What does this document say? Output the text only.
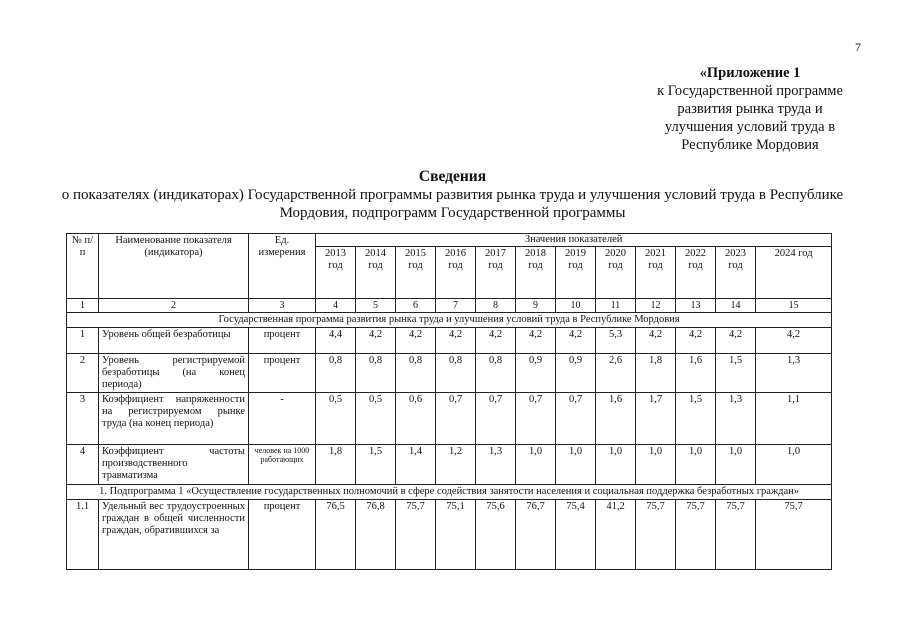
7
«Приложение 1
к Государственной программе
развития рынка труда и
улучшения условий труда в
Республике Мордовия
Сведения
о показателях (индикаторах) Государственной программы развития рынка труда и улучшения условий труда в Республике
Мордовия, подпрограмм Государственной программы
№ п/п	Наименование показателя (индикатора)	Ед. измерения	Значения показателей											
			2013 год	2014 год	2015 год	2016 год	2017 год	2018 год	2019 год	2020 год	2021 год	2022 год	2023 год	2024 год
1	2	3	4	5	6	7	8	9	10	11	12	13	14	15
Государственная программа развития рынка труда и улучшения условий труда в Республике Мордовия														
1	Уровень общей безработицы	процент	4,4	4,2	4,2	4,2	4,2	4,2	4,2	5,3	4,2	4,2	4,2	4,2
2	Уровень регистрируемой безработицы (на конец периода)	процент	0,8	0,8	0,8	0,8	0,8	0,9	0,9	2,6	1,8	1,6	1,5	1,3
3	Коэффициент напряженности на регистрируемом рынке труда (на конец периода)	-	0,5	0,5	0,6	0,7	0,7	0,7	0,7	1,6	1,7	1,5	1,3	1,1
4	Коэффициент частоты производственного травматизма	человек на 1000 работающих	1,8	1,5	1,4	1,2	1,3	1,0	1,0	1,0	1,0	1,0	1,0	1,0
1. Подпрограмма 1 «Осуществление государственных полномочий в сфере содействия занятости населения и социальная поддержка безработных граждан»														
1.1	Удельный вес трудоустроенных граждан в общей численности граждан, обратившихся за	процент	76,5	76,8	75,7	75,1	75,6	76,7	75,4	41,2	75,7	75,7	75,7	75,7
